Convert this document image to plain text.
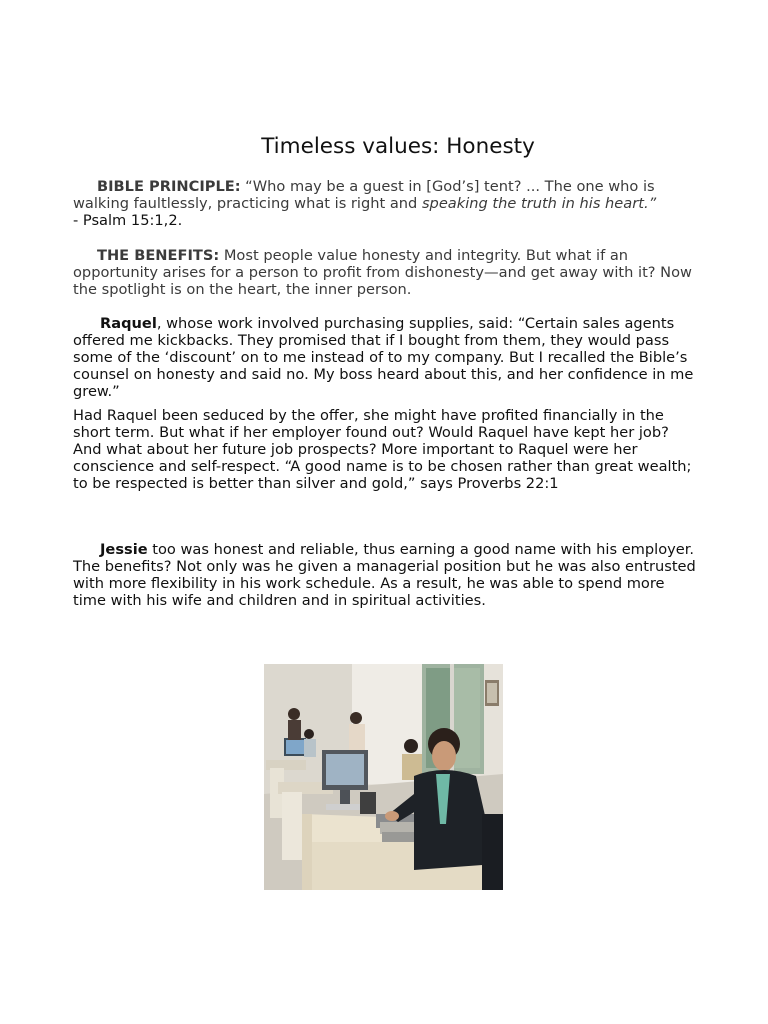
Timeless values: Honesty
BIBLE PRINCIPLE: “Who may be a guest in [God’s] tent? ... The one who is walking faultlessly, practicing what is right and speaking the truth in his heart.”
- Psalm 15:1,2.
THE BENEFITS: Most people value honesty and integrity. But what if an opportunity arises for a person to profit from dishonesty—and get away with it? Now the spotlight is on the heart, the inner person.
Raquel, whose work involved purchasing supplies, said: “Certain sales agents offered me kickbacks. They promised that if I bought from them, they would pass some of the ‘discount’ on to me instead of to my company. But I recalled the Bible’s counsel on honesty and said no. My boss heard about this, and her confidence in me grew.”
Had Raquel been seduced by the offer, she might have profited financially in the short term. But what if her employer found out? Would Raquel have kept her job? And what about her future job prospects? More important to Raquel were her conscience and self-respect. “A good name is to be chosen rather than great wealth; to be respected is better than silver and gold,” says Proverbs 22:1
Jessie too was honest and reliable, thus earning a good name with his employer. The benefits? Not only was he given a managerial position but he was also entrusted with more flexibility in his work schedule. As a result, he was able to spend more time with his wife and children and in spiritual activities.
